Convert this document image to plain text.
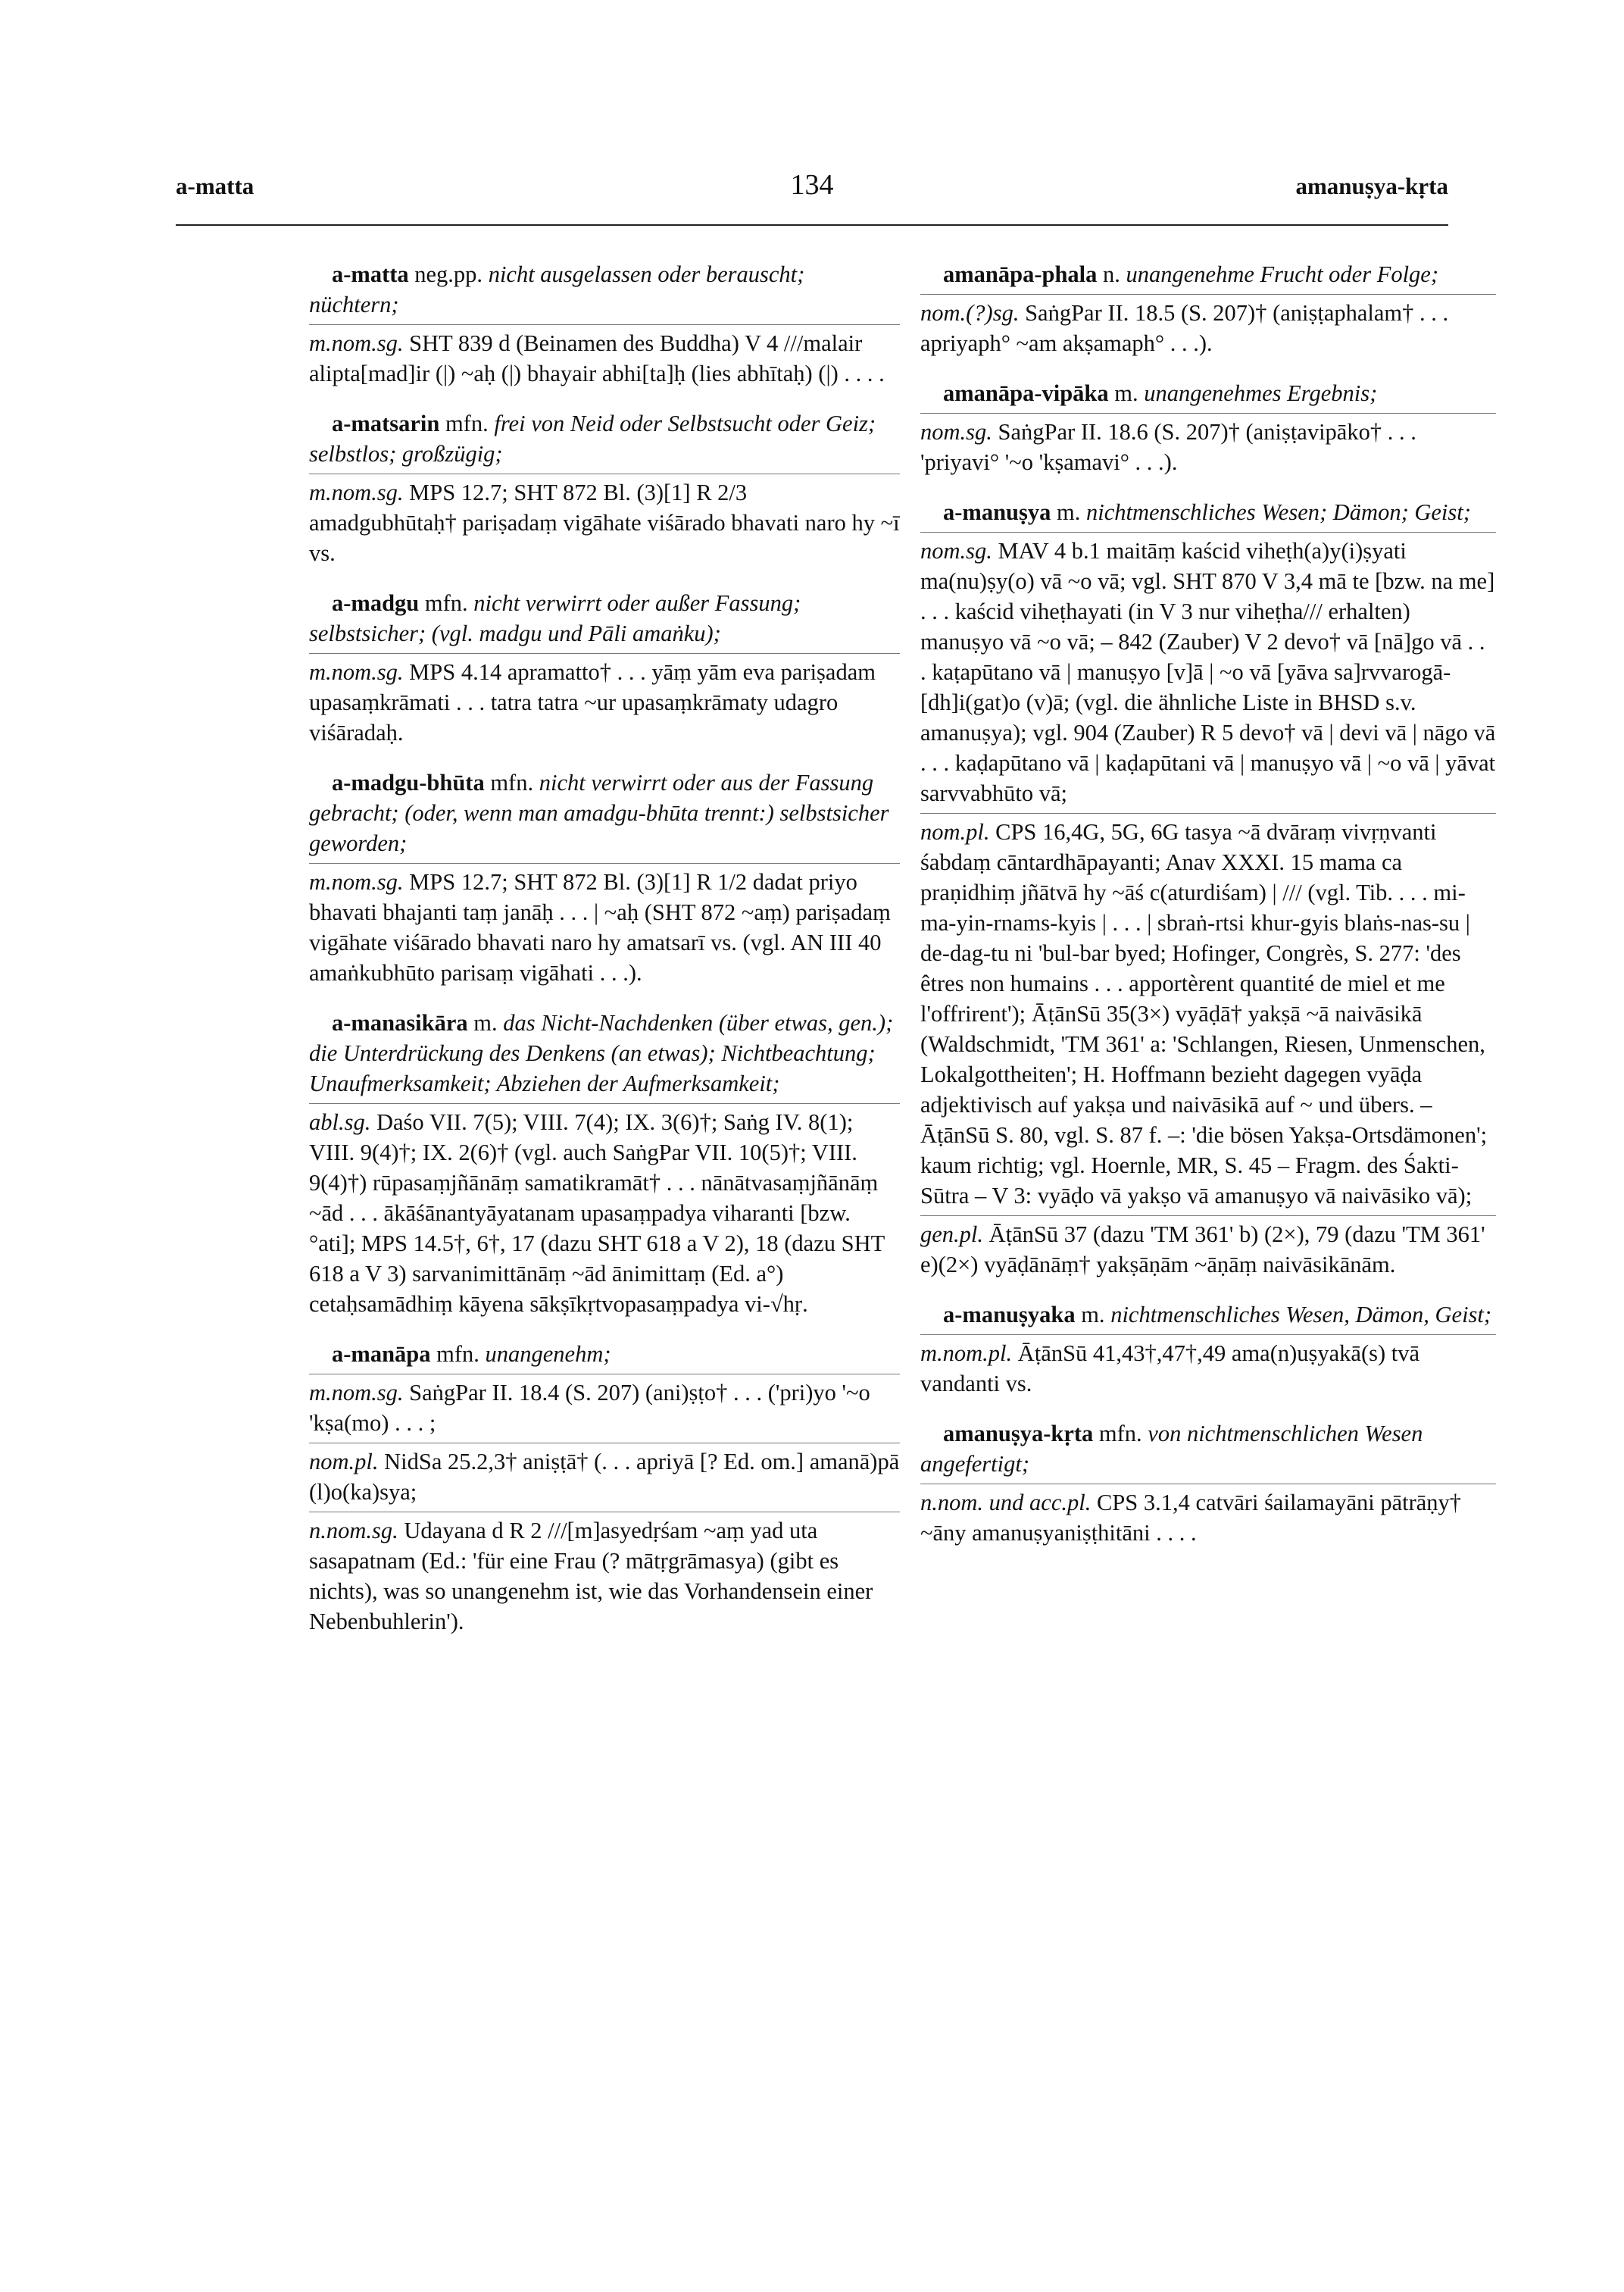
a-matta	134	amanuṣya-kṛta
a-matta neg.pp. nicht ausgelassen oder berauscht; nüchtern;
m.nom.sg. SHT 839 d (Beinamen des Buddha) V 4 ///malair alipta[mad]ir (|) ~aḥ (|) bhayair abhi[ta]ḥ (lies abhītaḥ) (|) . . . .
a-matsarin mfn. frei von Neid oder Selbstsucht oder Geiz; selbstlos; großzügig;
m.nom.sg. MPS 12.7; SHT 872 Bl. (3)[1] R 2/3 amadgubhūtaḥ† pariṣadaṃ vigāhate viśārado bhavati naro hy ~ī vs.
a-madgu mfn. nicht verwirrt oder außer Fassung; selbstsicher; (vgl. madgu und Pāli amaṅku);
m.nom.sg. MPS 4.14 apramatto† . . . yāṃ yām eva pariṣadam upasaṃkrāmati . . . tatra tatra ~ur upasaṃkrāmaty udagro viśāradaḥ.
a-madgu-bhūta mfn. nicht verwirrt oder aus der Fassung gebracht; (oder, wenn man amadgu-bhūta trennt:) selbstsicher geworden;
m.nom.sg. MPS 12.7; SHT 872 Bl. (3)[1] R 1/2 dadat priyo bhavati bhajanti taṃ janāḥ . . . | ~aḥ (SHT 872 ~aṃ) pariṣadaṃ vigāhate viśārado bhavati naro hy amatsarī vs. (vgl. AN III 40 amaṅkubhūto parisaṃ vigāhati . . .).
a-manasikāra m. das Nicht-Nachdenken (über etwas, gen.); die Unterdrückung des Denkens (an etwas); Nichtbeachtung; Unaufmerksamkeit; Abziehen der Aufmerksamkeit;
abl.sg. Daśo VII. 7(5); VIII. 7(4); IX. 3(6)†; Saṅg IV. 8(1); VIII. 9(4)†; IX. 2(6)† (vgl. auch SaṅgPar VII. 10(5)†; VIII. 9(4)†) rūpasaṃjñānāṃ samatikramāt† . . . nānātvasaṃjñānāṃ ~ād . . . ākāśānantyāyatanam upasaṃpadya viharanti [bzw. °ati]; MPS 14.5†, 6†, 17 (dazu SHT 618 a V 2), 18 (dazu SHT 618 a V 3) sarvanimittānāṃ ~ād ānimittaṃ (Ed. a°) cetaḥsamādhiṃ kāyena sākṣīkṛtvopasaṃpadya vi-√hṛ.
a-manāpa mfn. unangenehm;
m.nom.sg. SaṅgPar II. 18.4 (S. 207) (ani)ṣṭo† . . . ('pri)yo '~o 'kṣa(mo) . . . ;
nom.pl. NidSa 25.2,3† aniṣṭā† (. . . apriyā [? Ed. om.] amanā)pā (l)o(ka)sya;
n.nom.sg. Udayana d R 2 ///[m]asyedṛśam ~aṃ yad uta sasapatnam (Ed.: 'für eine Frau (? mātṛgrāmasya) (gibt es nichts), was so unangenehm ist, wie das Vorhandensein einer Nebenbuhlerin').
amanāpa-phala n. unangenehme Frucht oder Folge;
nom.(?)sg. SaṅgPar II. 18.5 (S. 207)† (aniṣṭaphalam† . . . apriyaph° ~am akṣamaph° . . .).
amanāpa-vipāka m. unangenehmes Ergebnis;
nom.sg. SaṅgPar II. 18.6 (S. 207)† (aniṣṭavipāko† . . . 'priyavi° '~o 'kṣamavi° . . .).
a-manuṣya m. nichtmenschliches Wesen; Dämon; Geist;
nom.sg. MAV 4 b.1 maitāṃ kaścid viheṭh(a)y(i)ṣyati ma(nu)ṣy(o) vā ~o vā; vgl. SHT 870 V 3,4 mā te [bzw. na me] . . . kaścid viheṭhayati (in V 3 nur viheṭha/// erhalten) manuṣyo vā ~o vā; – 842 (Zauber) V 2 devo† vā [nā]go vā . . . kaṭapūtano vā | manuṣyo [v]ā | ~o vā [yāva sa]rvvarogā-[dh]i(gat)o (v)ā; (vgl. die ähnliche Liste in BHSD s.v. amanuṣya); vgl. 904 (Zauber) R 5 devo† vā | devi vā | nāgo vā . . . kaḍapūtano vā | kaḍapūtani vā | manuṣyo vā | ~o vā | yāvat sarvvabhūto vā;
nom.pl. CPS 16,4G, 5G, 6G tasya ~ā dvāraṃ vivṛṇvanti śabdaṃ cāntardhāpayanti; Anav XXXI. 15 mama ca praṇidhiṃ jñātvā hy ~āś c(aturdiśam) | /// (vgl. Tib. . . . mi-ma-yin-rnams-kyis | . . . | sbraṅ-rtsi khur-gyis blaṅs-nas-su | de-dag-tu ni 'bul-bar byed; Hofinger, Congrès, S. 277: 'des êtres non humains . . . apportèrent quantité de miel et me l'offrirent'); ĀṭānSū 35(3×) vyāḍā† yakṣā ~ā naivāsikā (Waldschmidt, 'TM 361' a: 'Schlangen, Riesen, Unmenschen, Lokalgottheiten'; H. Hoffmann bezieht dagegen vyāḍa adjektivisch auf yakṣa und naivāsikā auf ~ und übers. – ĀṭānSū S. 80, vgl. S. 87 f. –: 'die bösen Yakṣa-Ortsdämonen'; kaum richtig; vgl. Hoernle, MR, S. 45 – Fragm. des Śakti-Sūtra – V 3: vyāḍo vā yakṣo vā amanuṣyo vā naivāsiko vā);
gen.pl. ĀṭānSū 37 (dazu 'TM 361' b) (2×), 79 (dazu 'TM 361' e)(2×) vyāḍānāṃ† yakṣāṇām ~āṇāṃ naivāsikānām.
a-manuṣyaka m. nichtmenschliches Wesen, Dämon, Geist;
m.nom.pl. ĀṭānSū 41,43†,47†,49 ama(n)uṣyakā(s) tvā vandanti vs.
amanuṣya-kṛta mfn. von nichtmenschlichen Wesen angefertigt;
n.nom. und acc.pl. CPS 3.1,4 catvāri śailamayāni pātrāṇy† ~āny amanuṣyaniṣṭhitāni . . . .
